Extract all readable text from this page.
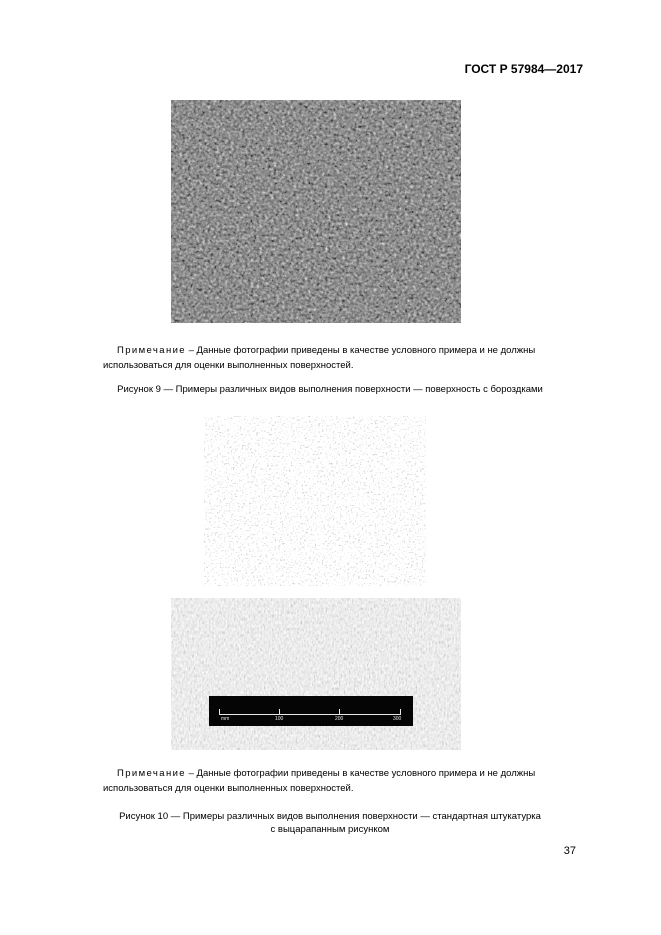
ГОСТ Р 57984—2017
Примечание – Данные фотографии приведены в качестве условного примера и не должны
использоваться для оценки выполненных поверхностей.
Рисунок 9 — Примеры различных видов выполнения поверхности — поверхность с бороздками
mm	100	200	300
Примечание – Данные фотографии приведены в качестве условного примера и не должны
использоваться для оценки выполненных поверхностей.
Рисунок 10 — Примеры различных видов выполнения поверхности — стандартная штукатурка
с выцарапанным рисунком
37
